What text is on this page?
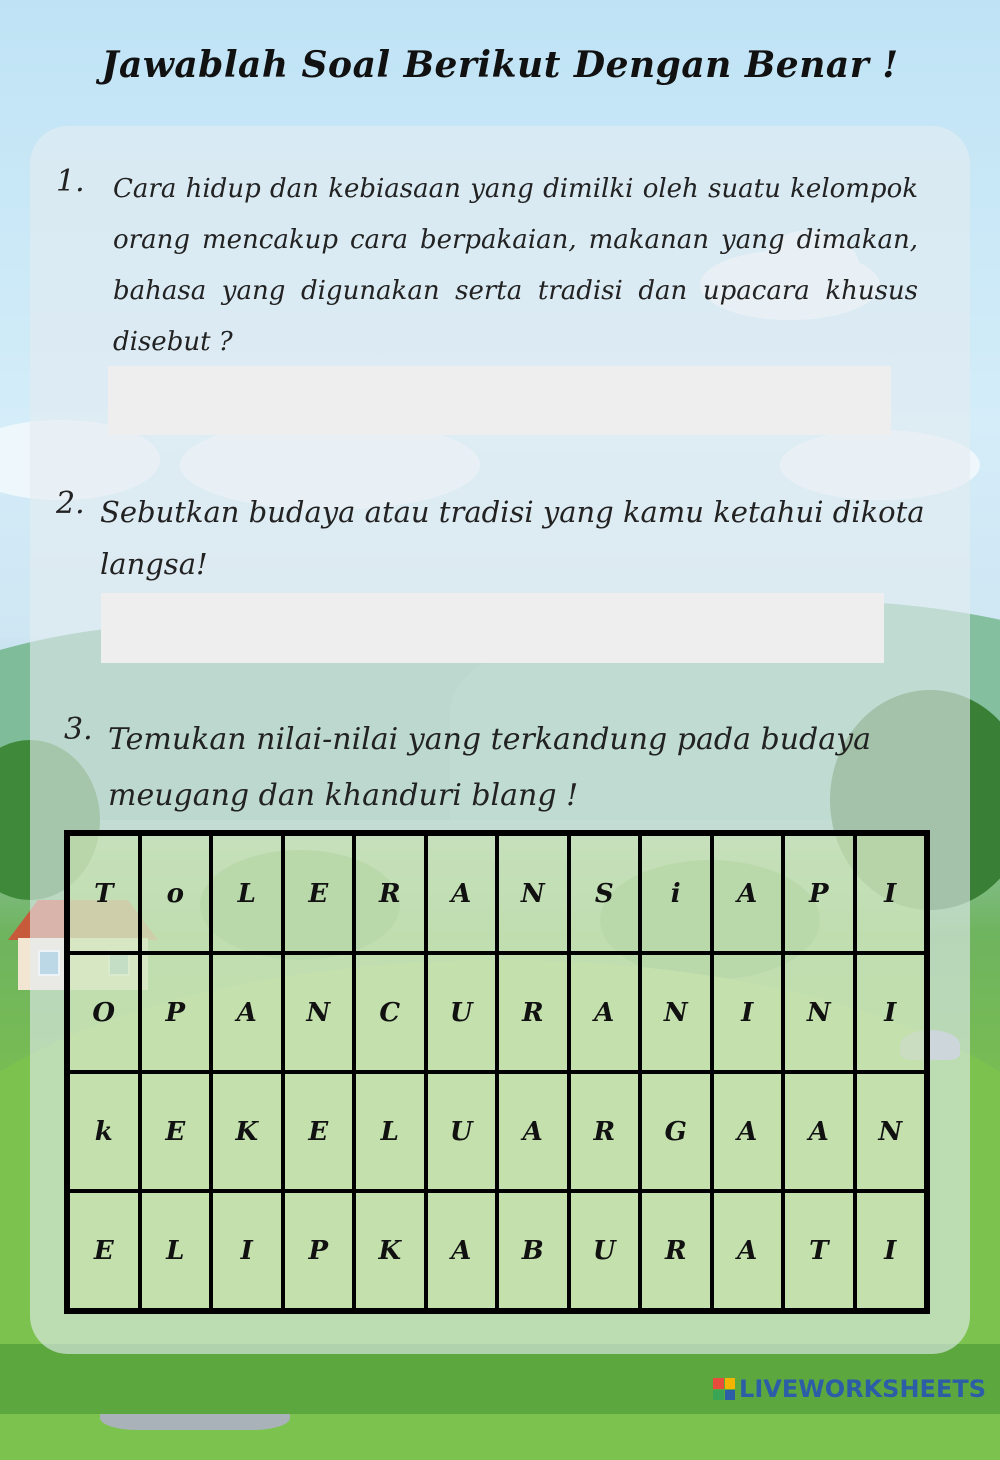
Jawablah Soal Berikut Dengan Benar !
1. Cara hidup dan kebiasaan yang dimilki oleh suatu kelompok orang mencakup cara berpakaian, makanan yang dimakan, bahasa yang digunakan serta tradisi dan upacara khusus disebut ?
2. Sebutkan budaya atau tradisi yang kamu ketahui dikota langsa!
3. Temukan nilai-nilai yang terkandung pada budaya meugang dan khanduri blang !
T	o	L	E	R	A	N	S	i	A	P	I
O	P	A	N	C	U	R	A	N	I	N	I
k	E	K	E	L	U	A	R	G	A	A	N
E	L	I	P	K	A	B	U	R	A	T	I
LIVEWORKSHEETS
